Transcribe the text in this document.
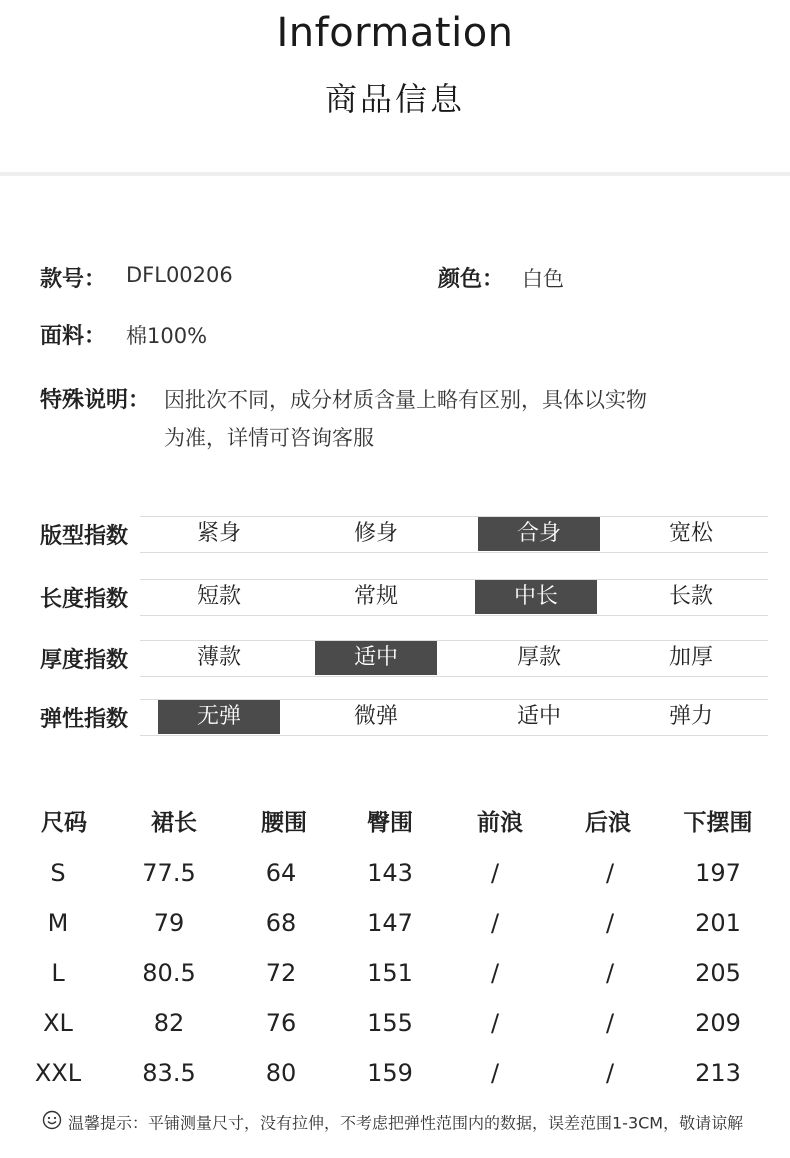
Information
商品信息
款号： DFL00206	颜色： 白色
面料： 棉100%
特殊说明： 因批次不同，成分材质含量上略有区别，具体以实物
为准，详情可咨询客服
版型指数	紧身	修身	合身	宽松
长度指数	短款	常规	中长	长款
厚度指数	薄款	适中	厚款	加厚
弹性指数	无弹	微弹	适中	弹力
尺码	裙长	腰围	臀围	前浪	后浪	下摆围
S	77.5	64	143	/	/	197
M	79	68	147	/	/	201
L	80.5	72	151	/	/	205
XL	82	76	155	/	/	209
XXL	83.5	80	159	/	/	213
温馨提示：平铺测量尺寸，没有拉伸，不考虑把弹性范围内的数据，误差范围1-3CM，敬请谅解
